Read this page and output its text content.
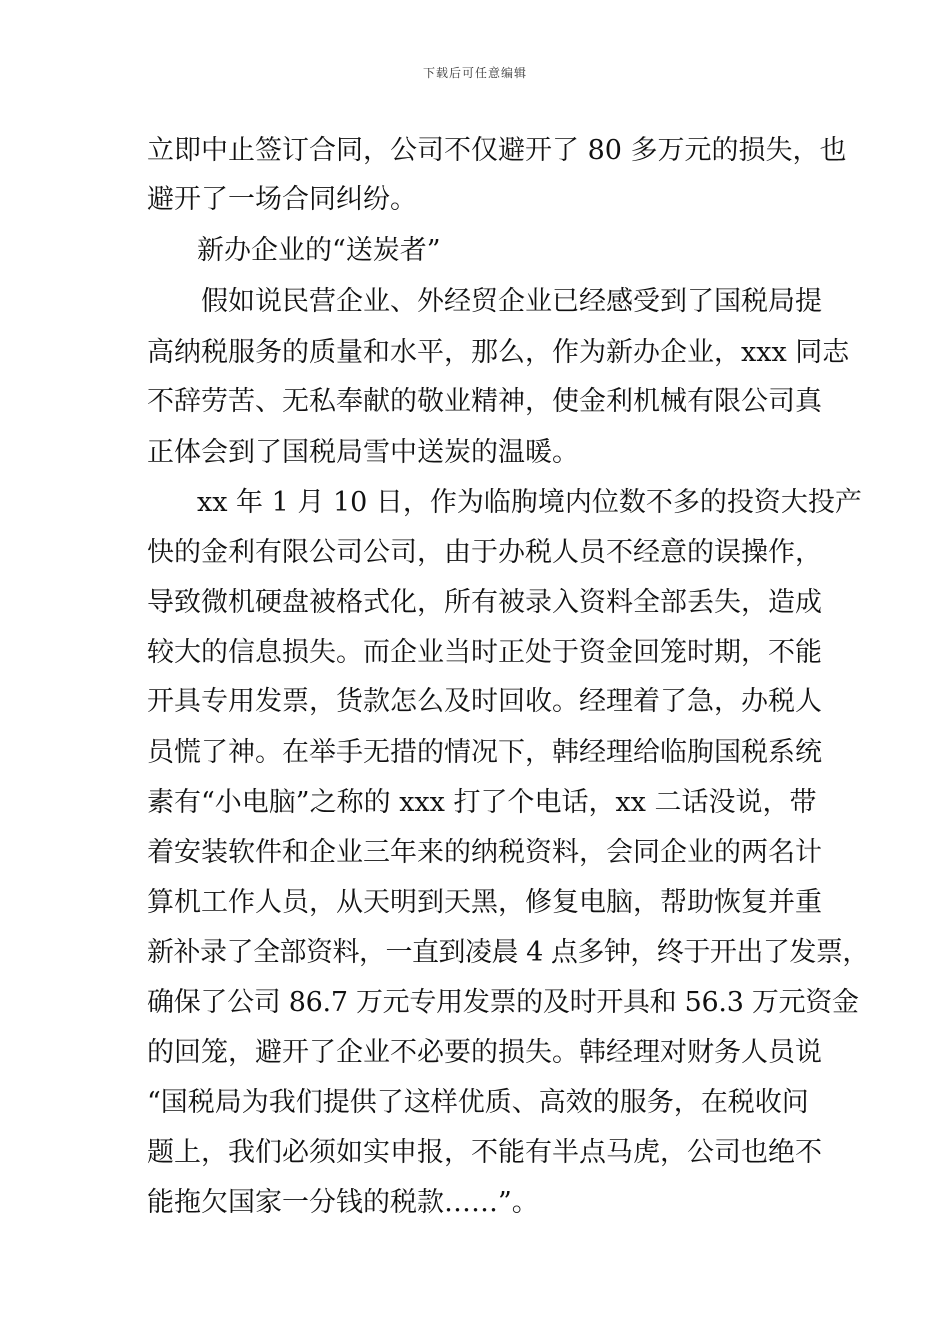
下载后可任意编辑
立即中止签订合同，公司不仅避开了 80 多万元的损失，也
避开了一场合同纠纷。
新办企业的“送炭者”
假如说民营企业、外经贸企业已经感受到了国税局提
高纳税服务的质量和水平，那么，作为新办企业，xxx 同志
不辞劳苦、无私奉献的敬业精神，使金利机械有限公司真
正体会到了国税局雪中送炭的温暖。
xx 年 1 月 10 日，作为临朐境内位数不多的投资大投产
快的金利有限公司公司，由于办税人员不经意的误操作，
导致微机硬盘被格式化，所有被录入资料全部丢失，造成
较大的信息损失。而企业当时正处于资金回笼时期，不能
开具专用发票，货款怎么及时回收。经理着了急，办税人
员慌了神。在举手无措的情况下，韩经理给临朐国税系统
素有“小电脑”之称的 xxx 打了个电话，xx 二话没说，带
着安装软件和企业三年来的纳税资料，会同企业的两名计
算机工作人员，从天明到天黑，修复电脑，帮助恢复并重
新补录了全部资料，一直到凌晨 4 点多钟，终于开出了发票，
确保了公司 86.7 万元专用发票的及时开具和 56.3 万元资金
的回笼，避开了企业不必要的损失。韩经理对财务人员说
“国税局为我们提供了这样优质、高效的服务，在税收问
题上，我们必须如实申报，不能有半点马虎，公司也绝不
能拖欠国家一分钱的税款……”。
